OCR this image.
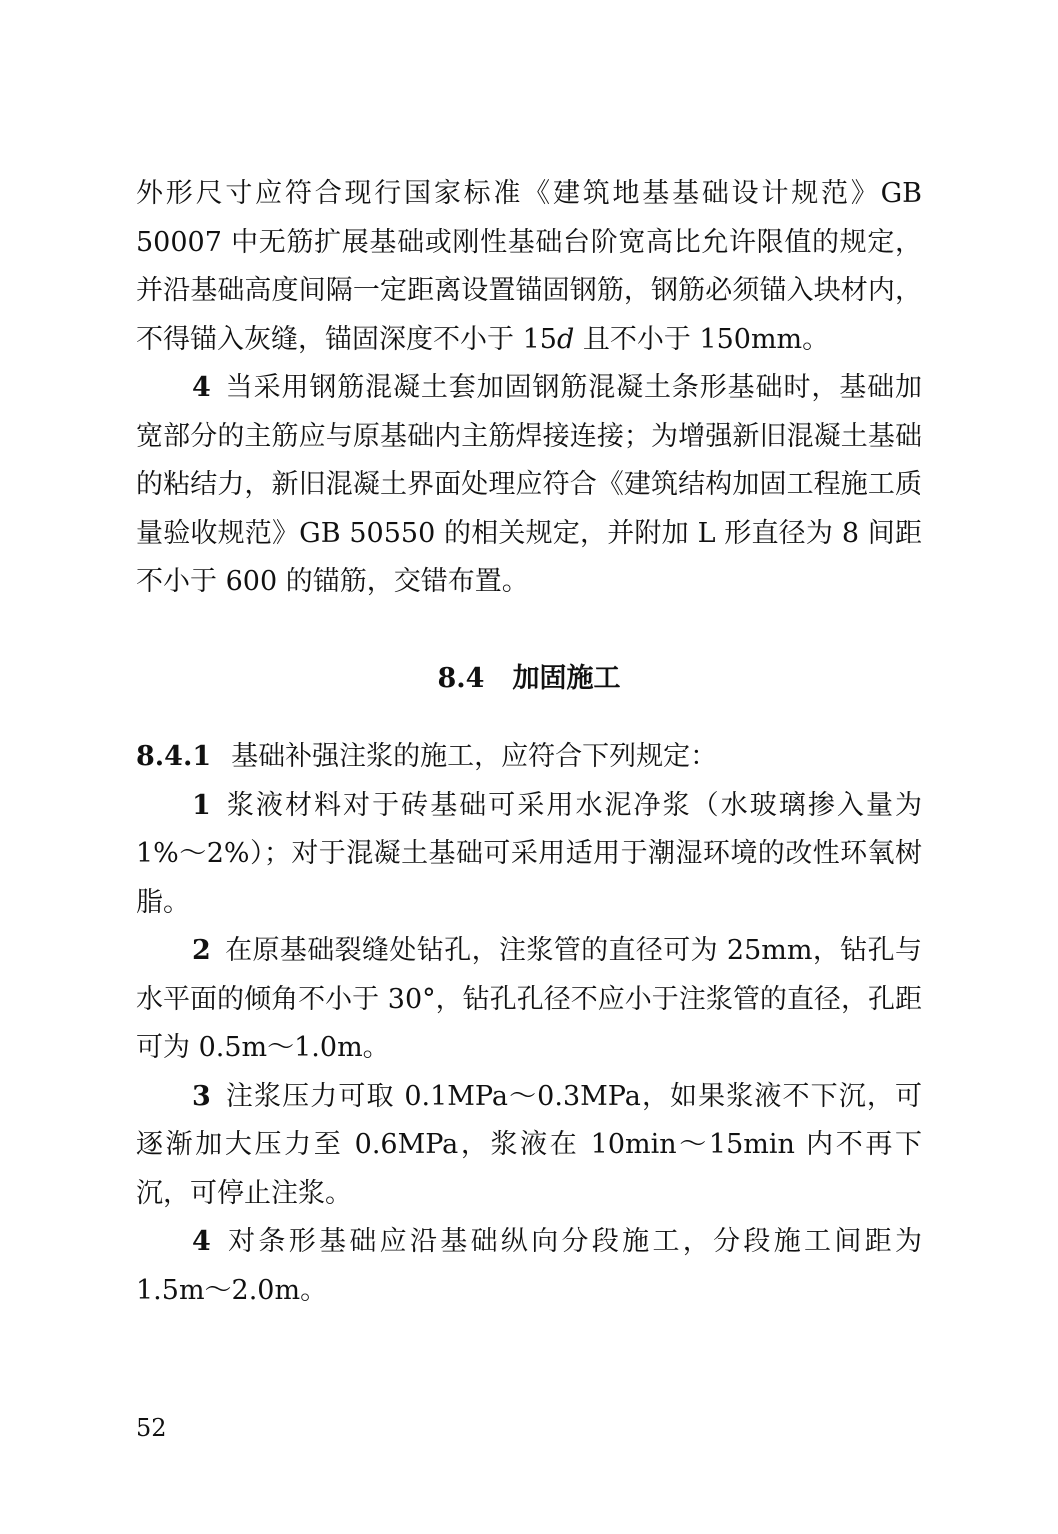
外形尺寸应符合现行国家标准《建筑地基基础设计规范》GB 50007 中无筋扩展基础或刚性基础台阶宽高比允许限值的规定，并沿基础高度间隔一定距离设置锚固钢筋，钢筋必须锚入块材内，不得锚入灰缝，锚固深度不小于 15d 且不小于 150mm。

4 当采用钢筋混凝土套加固钢筋混凝土条形基础时，基础加宽部分的主筋应与原基础内主筋焊接连接；为增强新旧混凝土基础的粘结力，新旧混凝土界面处理应符合《建筑结构加固工程施工质量验收规范》GB 50550 的相关规定，并附加 L 形直径为 8 间距不小于 600 的锚筋，交错布置。

8.4 加固施工

8.4.1 基础补强注浆的施工，应符合下列规定：

1 浆液材料对于砖基础可采用水泥净浆（水玻璃掺入量为 1%～2%）；对于混凝土基础可采用适用于潮湿环境的改性环氧树脂。

2 在原基础裂缝处钻孔，注浆管的直径可为 25mm，钻孔与水平面的倾角不小于 30°，钻孔孔径不应小于注浆管的直径，孔距可为 0.5m～1.0m。

3 注浆压力可取 0.1MPa～0.3MPa，如果浆液不下沉，可逐渐加大压力至 0.6MPa，浆液在 10min～15min 内不再下沉，可停止注浆。

4 对条形基础应沿基础纵向分段施工，分段施工间距为 1.5m～2.0m。

52
